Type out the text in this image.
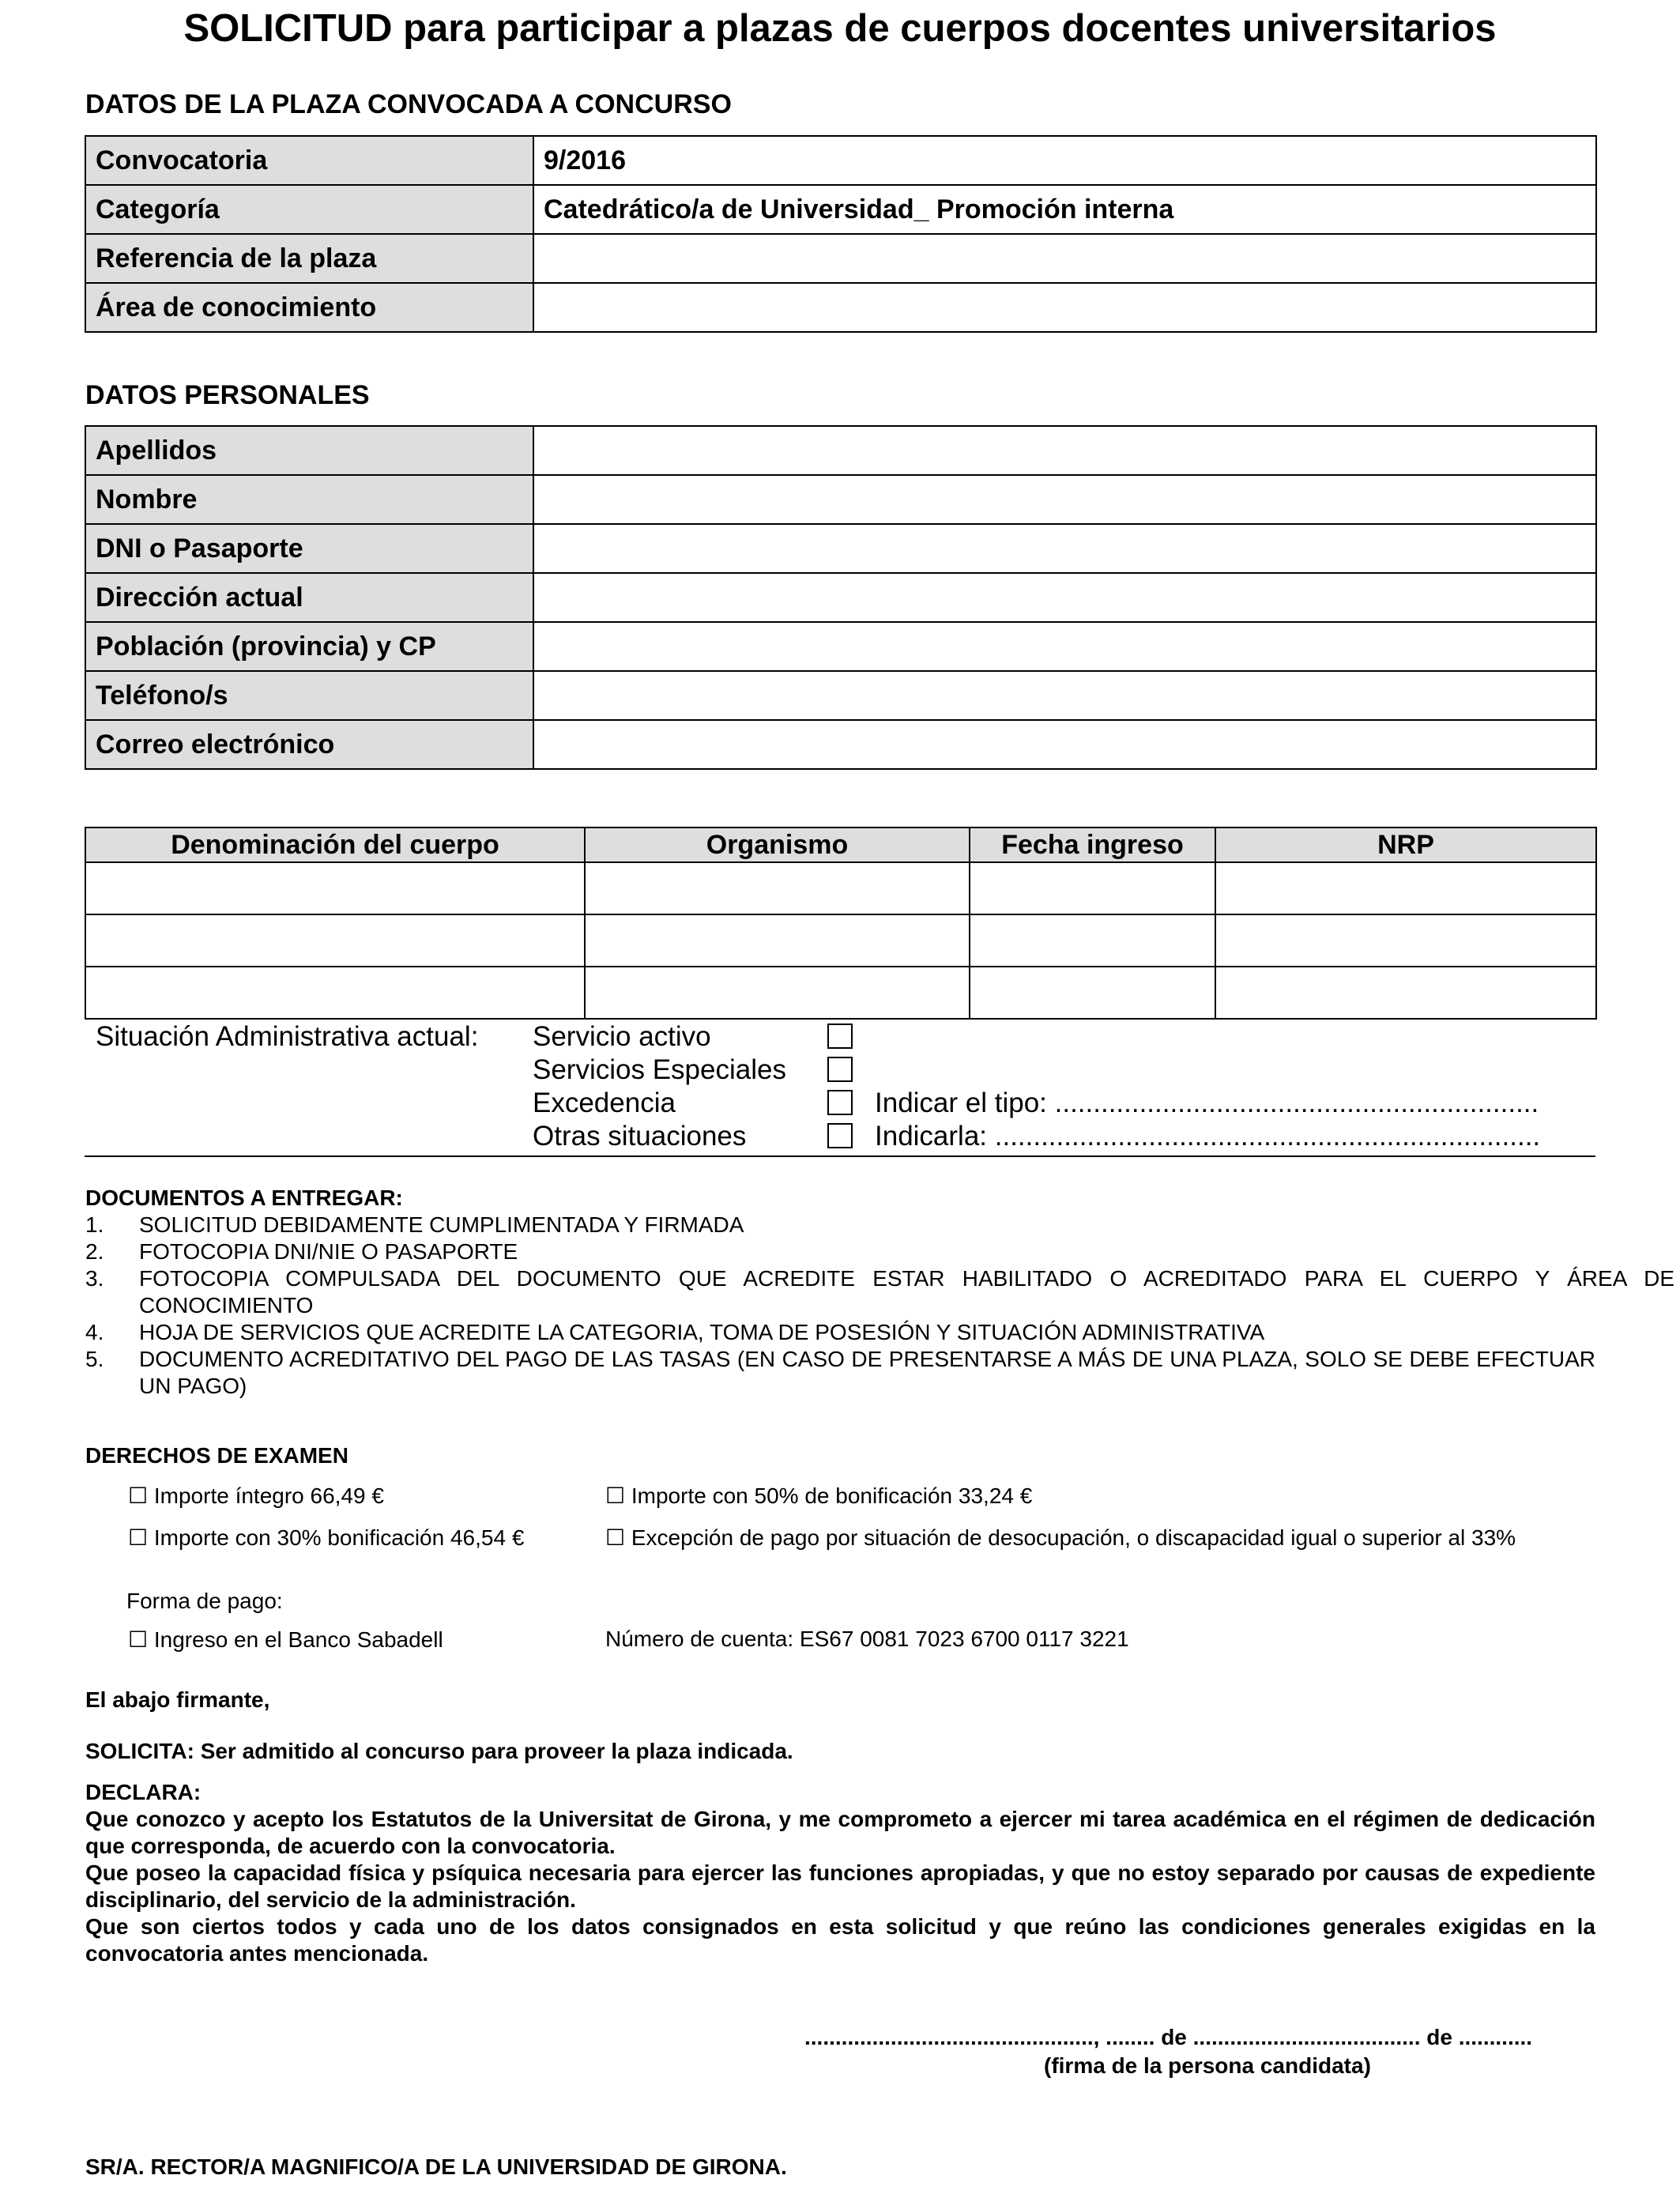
SOLICITUD para participar a plazas de cuerpos docentes universitarios
DATOS DE LA PLAZA CONVOCADA A CONCURSO
Convocatoria	9/2016
Categoría	Catedrático/a de Universidad_ Promoción interna
Referencia de la plaza	
Área de conocimiento	
DATOS PERSONALES
Apellidos	
Nombre	
DNI o Pasaporte	
Dirección actual	
Población (provincia) y CP	
Teléfono/s	
Correo electrónico	
Denominación del cuerpo	Organismo	Fecha ingreso	NRP

Situación Administrativa actual: Servicio activo
Servicios Especiales
Excedencia	Indicar el tipo: ...............................................................
Otras situaciones	Indicarla: .......................................................................
DOCUMENTOS A ENTREGAR:
1. SOLICITUD DEBIDAMENTE CUMPLIMENTADA Y FIRMADA
2. FOTOCOPIA DNI/NIE O PASAPORTE
3. FOTOCOPIA COMPULSADA DEL DOCUMENTO QUE ACREDITE ESTAR HABILITADO O ACREDITADO PARA EL CUERPO Y ÁREA DE CONOCIMIENTO
4. HOJA DE SERVICIOS QUE ACREDITE LA CATEGORIA, TOMA DE POSESIÓN Y SITUACIÓN ADMINISTRATIVA
5. DOCUMENTO ACREDITATIVO DEL PAGO DE LAS TASAS (EN CASO DE PRESENTARSE A MÁS DE UNA PLAZA, SOLO SE DEBE EFECTUAR UN PAGO)
DERECHOS DE EXAMEN
☐ Importe íntegro 66,49 €	☐ Importe con 50% de bonificación 33,24 €
☐ Importe con 30% bonificación 46,54 €	☐ Excepción de pago por situación de desocupación, o discapacidad igual o superior al 33%
Forma de pago:
☐ Ingreso en el Banco Sabadell	Número de cuenta: ES67 0081 7023 6700 0117 3221
El abajo firmante,
SOLICITA: Ser admitido al concurso para proveer la plaza indicada.
DECLARA:
Que conozco y acepto los Estatutos de la Universitat de Girona, y me comprometo a ejercer mi tarea académica en el régimen de dedicación que corresponda, de acuerdo con la convocatoria.
Que poseo la capacidad física y psíquica necesaria para ejercer las funciones apropiadas, y que no estoy separado por causas de expediente disciplinario, del servicio de la administración.
Que son ciertos todos y cada uno de los datos consignados en esta solicitud y que reúno las condiciones generales exigidas en la convocatoria antes mencionada.
..............................................., ........ de ..................................... de ............
(firma de la persona candidata)
SR/A. RECTOR/A MAGNIFICO/A DE LA UNIVERSIDAD DE GIRONA.
